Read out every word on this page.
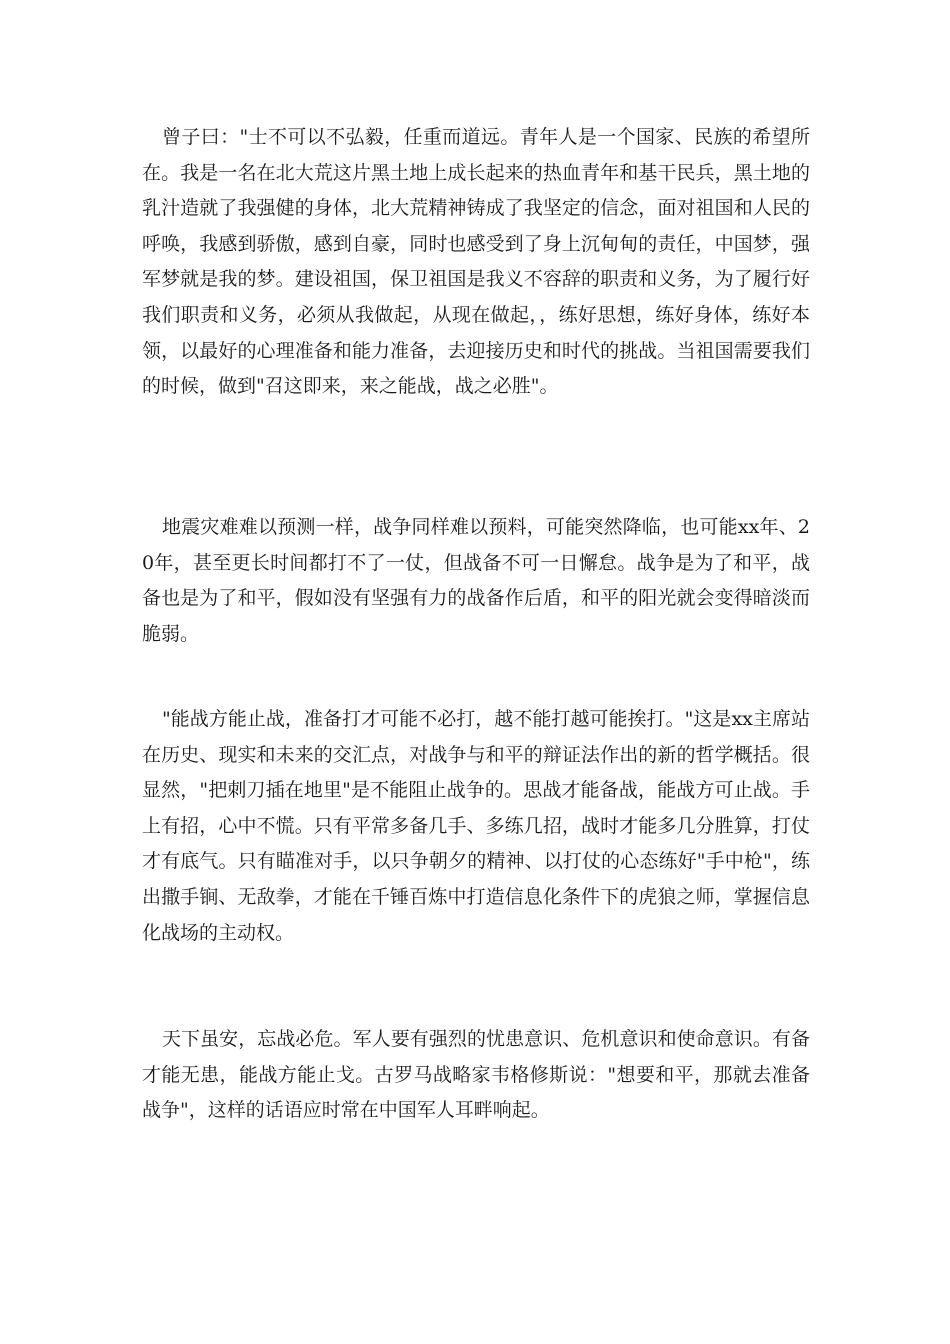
曾子曰："士不可以不弘毅，任重而道远。青年人是一个国家、民族的希望所在。我是一名在北大荒这片黑土地上成长起来的热血青年和基干民兵，黑土地的乳汁造就了我强健的身体，北大荒精神铸成了我坚定的信念，面对祖国和人民的呼唤，我感到骄傲，感到自豪，同时也感受到了身上沉甸甸的责任，中国梦，强军梦就是我的梦。建设祖国，保卫祖国是我义不容辞的职责和义务，为了履行好我们职责和义务，必须从我做起，从现在做起，，练好思想，练好身体，练好本领，以最好的心理准备和能力准备，去迎接历史和时代的挑战。当祖国需要我们的时候，做到"召这即来，来之能战，战之必胜"。

地震灾难难以预测一样，战争同样难以预料，可能突然降临，也可能xx年、20年，甚至更长时间都打不了一仗，但战备不可一日懈怠。战争是为了和平，战备也是为了和平，假如没有坚强有力的战备作后盾，和平的阳光就会变得暗淡而脆弱。

"能战方能止战，准备打才可能不必打，越不能打越可能挨打。"这是xx主席站在历史、现实和未来的交汇点，对战争与和平的辩证法作出的新的哲学概括。很显然，"把刺刀插在地里"是不能阻止战争的。思战才能备战，能战方可止战。手上有招，心中不慌。只有平常多备几手、多练几招，战时才能多几分胜算，打仗才有底气。只有瞄准对手，以只争朝夕的精神、以打仗的心态练好"手中枪"，练出撒手锏、无敌拳，才能在千锤百炼中打造信息化条件下的虎狼之师，掌握信息化战场的主动权。

天下虽安，忘战必危。军人要有强烈的忧患意识、危机意识和使命意识。有备才能无患，能战方能止戈。古罗马战略家韦格修斯说："想要和平，那就去准备战争"，这样的话语应时常在中国军人耳畔响起。
